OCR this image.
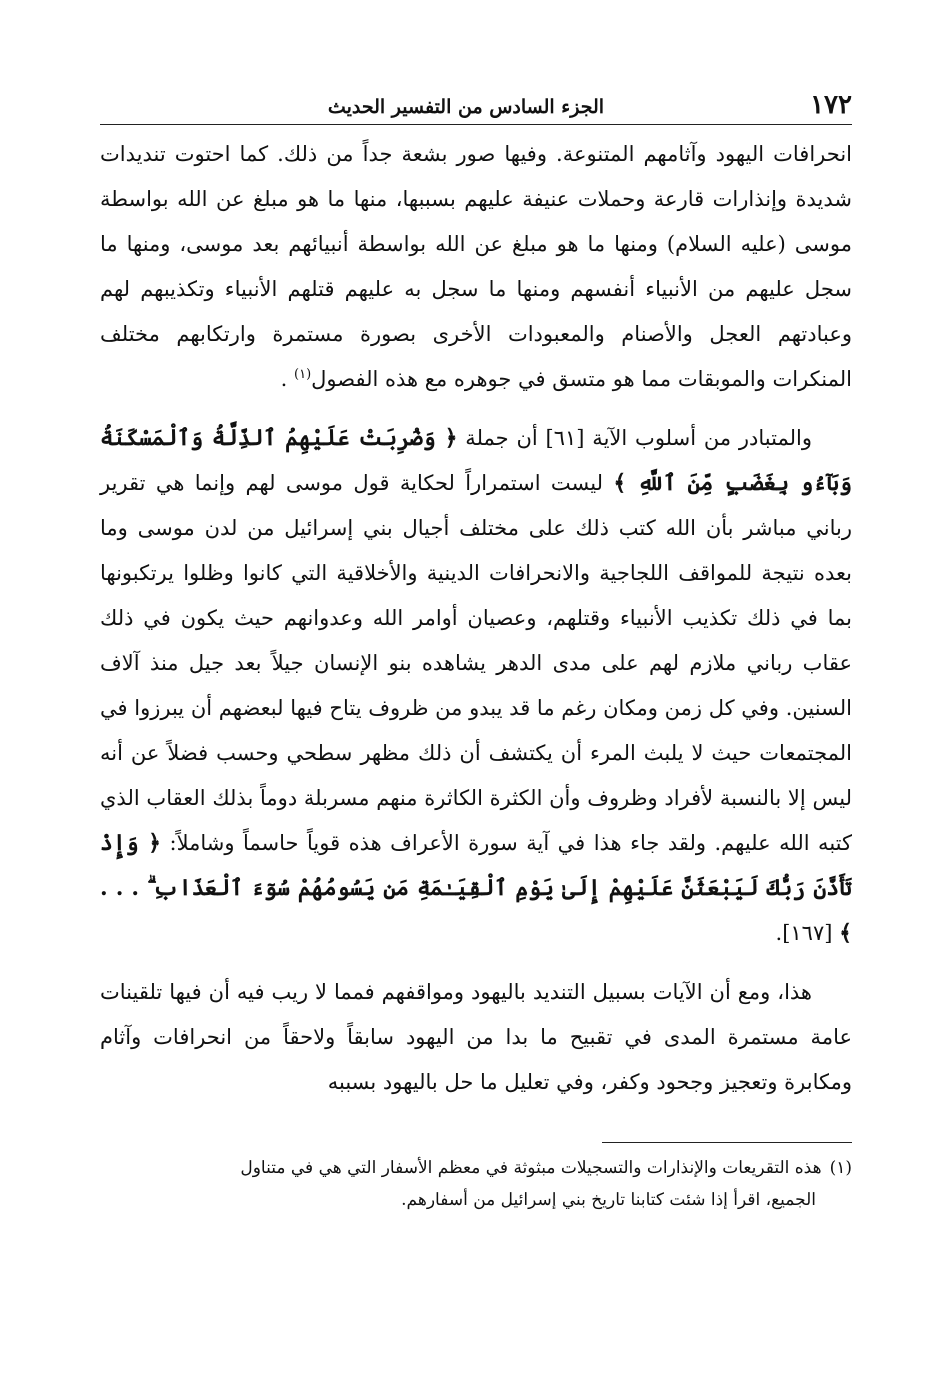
١٧٢
الجزء السادس من التفسير الحديث

انحرافات اليهود وآثامهم المتنوعة. وفيها صور بشعة جداً من ذلك. كما احتوت تنديدات شديدة وإنذارات قارعة وحملات عنيفة عليهم بسببها، منها ما هو مبلغ عن الله بواسطة موسى (عليه السلام) ومنها ما هو مبلغ عن الله بواسطة أنبيائهم بعد موسى، ومنها ما سجل عليهم من الأنبياء أنفسهم ومنها ما سجل به عليهم قتلهم الأنبياء وتكذيبهم لهم وعبادتهم العجل والأصنام والمعبودات الأخرى بصورة مستمرة وارتكابهم مختلف المنكرات والموبقات مما هو متسق في جوهره مع هذه الفصول$^{(١)}$ .

والمتبادر من أسلوب الآية [٦١] أن جملة ﴿ وَضُرِبَتْ عَلَيْهِمُ ٱلذِّلَّةُ وَٱلْمَسْكَنَةُ وَبَآءُو بِغَضَبٍ مِّنَ ٱللَّهِ ﴾ ليست استمراراً لحكاية قول موسى لهم وإنما هي تقرير رباني مباشر بأن الله كتب ذلك على مختلف أجيال بني إسرائيل من لدن موسى وما بعده نتيجة للمواقف اللجاجية والانحرافات الدينية والأخلاقية التي كانوا وظلوا يرتكبونها بما في ذلك تكذيب الأنبياء وقتلهم، وعصيان أوامر الله وعدوانهم حيث يكون في ذلك عقاب رباني ملازم لهم على مدى الدهر يشاهده بنو الإنسان جيلاً بعد جيل منذ آلاف السنين. وفي كل زمن ومكان رغم ما قد يبدو من ظروف يتاح فيها لبعضهم أن يبرزوا في المجتمعات حيث لا يلبث المرء أن يكتشف أن ذلك مظهر سطحي وحسب فضلاً عن أنه ليس إلا بالنسبة لأفراد وظروف وأن الكثرة الكاثرة منهم مسربلة دوماً بذلك العقاب الذي كتبه الله عليهم. ولقد جاء هذا في آية سورة الأعراف هذه قوياً حاسماً وشاملاً: ﴿ وَإِذْ تَأَذَّنَ رَبُّكَ لَيَبْعَثَنَّ عَلَيْهِمْ إِلَىٰ يَوْمِ ٱلْقِيَـٰمَةِ مَن يَسُومُهُمْ سُوٓءَ ٱلْعَذَابِ ۗ . . . ﴾ [١٦٧].

هذا، ومع أن الآيات بسبيل التنديد باليهود ومواقفهم فمما لا ريب فيه أن فيها تلقينات عامة مستمرة المدى في تقبيح ما بدا من اليهود سابقاً ولاحقاً من انحرافات وآثام ومكابرة وتعجيز وجحود وكفر، وفي تعليل ما حل باليهود بسببه

(١)هذه التقريعات والإنذارات والتسجيلات مبثوثة في معظم الأسفار التي هي في متناول

الجميع، اقرأ إذا شئت كتابنا تاريخ بني إسرائيل من أسفارهم.
